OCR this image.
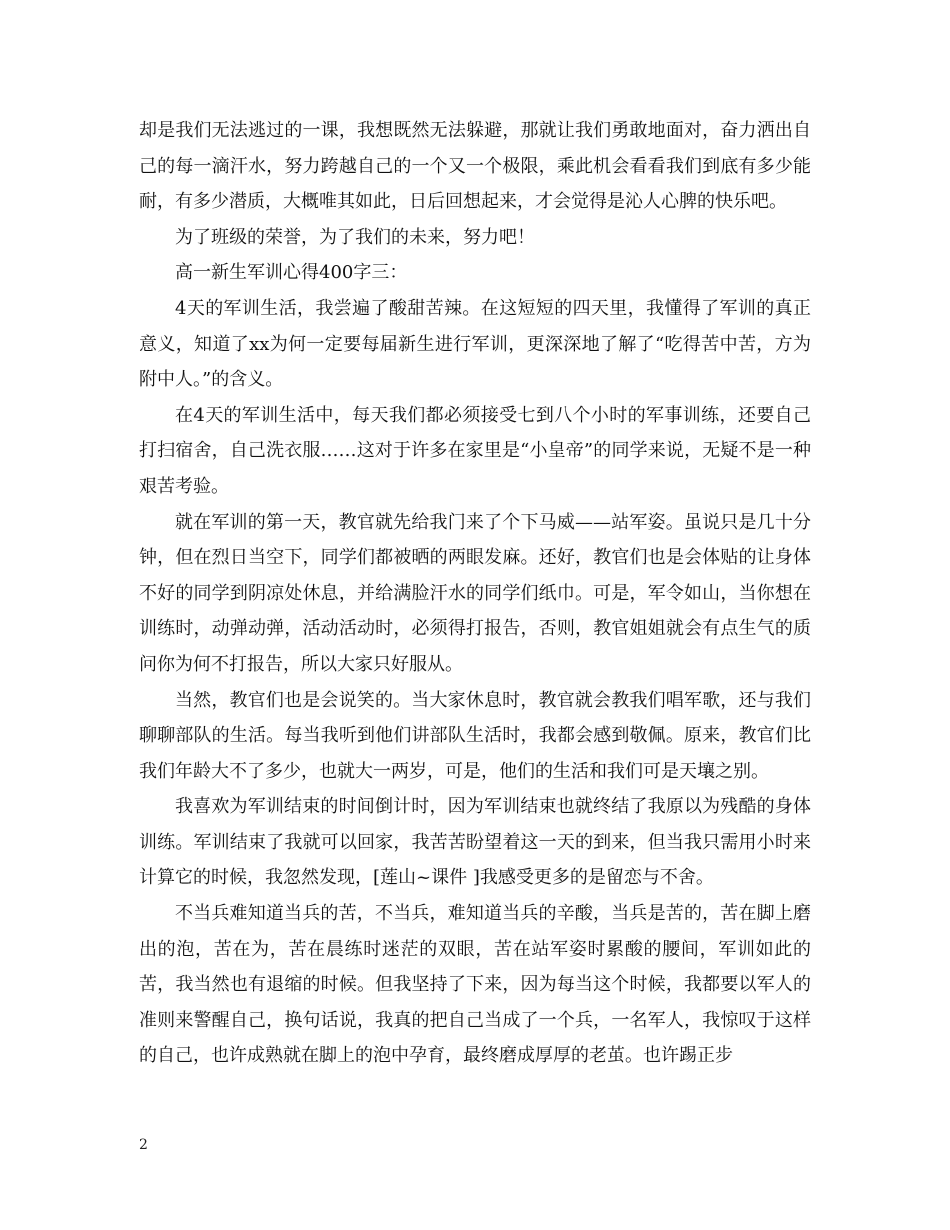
却是我们无法逃过的一课，我想既然无法躲避，那就让我们勇敢地面对，奋力洒出自己的每一滴汗水，努力跨越自己的一个又一个极限，乘此机会看看我们到底有多少能耐，有多少潜质，大概唯其如此，日后回想起来，才会觉得是沁人心脾的快乐吧。

为了班级的荣誉，为了我们的未来，努力吧！

高一新生军训心得400字三：

4天的军训生活，我尝遍了酸甜苦辣。在这短短的四天里，我懂得了军训的真正意义，知道了xx为何一定要每届新生进行军训，更深深地了解了“吃得苦中苦，方为附中人。”的含义。

在4天的军训生活中，每天我们都必须接受七到八个小时的军事训练，还要自己打扫宿舍，自己洗衣服……这对于许多在家里是“小皇帝”的同学来说，无疑不是一种艰苦考验。

就在军训的第一天，教官就先给我门来了个下马威——站军姿。虽说只是几十分钟，但在烈日当空下，同学们都被晒的两眼发麻。还好，教官们也是会体贴的让身体不好的同学到阴凉处休息，并给满脸汗水的同学们纸巾。可是，军令如山，当你想在训练时，动弹动弹，活动活动时，必须得打报告，否则，教官姐姐就会有点生气的质问你为何不打报告，所以大家只好服从。

当然，教官们也是会说笑的。当大家休息时，教官就会教我们唱军歌，还与我们聊聊部队的生活。每当我听到他们讲部队生活时，我都会感到敬佩。原来，教官们比我们年龄大不了多少，也就大一两岁，可是，他们的生活和我们可是天壤之别。

我喜欢为军训结束的时间倒计时，因为军训结束也就终结了我原以为残酷的身体训练。军训结束了我就可以回家，我苦苦盼望着这一天的到来，但当我只需用小时来计算它的时候，我忽然发现，[莲山~课件 ]我感受更多的是留恋与不舍。

不当兵难知道当兵的苦，不当兵，难知道当兵的辛酸，当兵是苦的，苦在脚上磨出的泡，苦在为，苦在晨练时迷茫的双眼，苦在站军姿时累酸的腰间，军训如此的苦，我当然也有退缩的时候。但我坚持了下来，因为每当这个时候，我都要以军人的准则来警醒自己，换句话说，我真的把自己当成了一个兵，一名军人，我惊叹于这样的自己，也许成熟就在脚上的泡中孕育，最终磨成厚厚的老茧。也许踢正步

2
